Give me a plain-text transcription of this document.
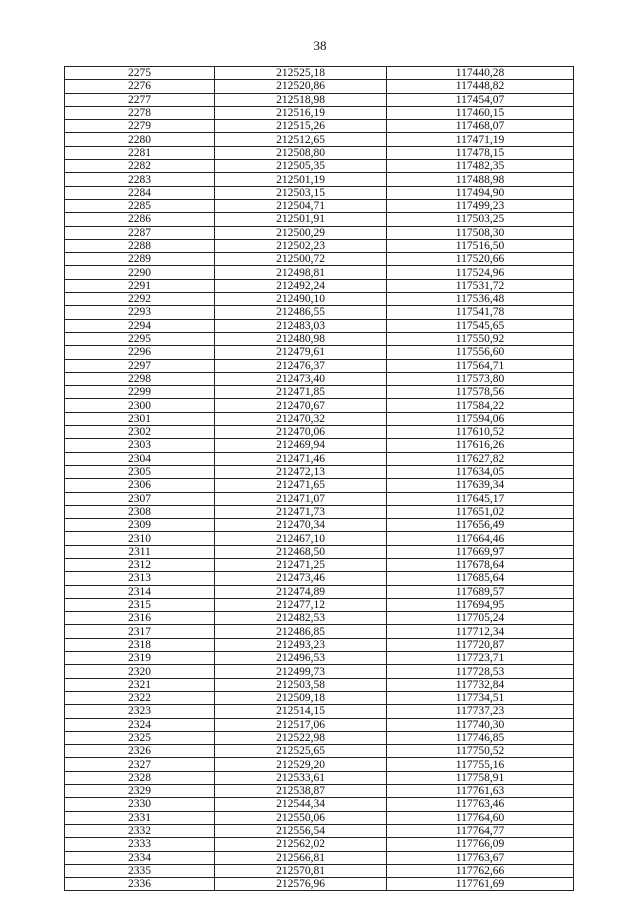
38
2275	212525,18	117440,28
2276	212520,86	117448,82
2277	212518,98	117454,07
2278	212516,19	117460,15
2279	212515,26	117468,07
2280	212512,65	117471,19
2281	212508,80	117478,15
2282	212505,35	117482,35
2283	212501,19	117488,98
2284	212503,15	117494,90
2285	212504,71	117499,23
2286	212501,91	117503,25
2287	212500,29	117508,30
2288	212502,23	117516,50
2289	212500,72	117520,66
2290	212498,81	117524,96
2291	212492,24	117531,72
2292	212490,10	117536,48
2293	212486,55	117541,78
2294	212483,03	117545,65
2295	212480,98	117550,92
2296	212479,61	117556,60
2297	212476,37	117564,71
2298	212473,40	117573,80
2299	212471,85	117578,56
2300	212470,67	117584,22
2301	212470,32	117594,06
2302	212470,06	117610,52
2303	212469,94	117616,26
2304	212471,46	117627,82
2305	212472,13	117634,05
2306	212471,65	117639,34
2307	212471,07	117645,17
2308	212471,73	117651,02
2309	212470,34	117656,49
2310	212467,10	117664,46
2311	212468,50	117669,97
2312	212471,25	117678,64
2313	212473,46	117685,64
2314	212474,89	117689,57
2315	212477,12	117694,95
2316	212482,53	117705,24
2317	212486,85	117712,34
2318	212493,23	117720,87
2319	212496,53	117723,71
2320	212499,73	117728,53
2321	212503,58	117732,84
2322	212509,18	117734,51
2323	212514,15	117737,23
2324	212517,06	117740,30
2325	212522,98	117746,85
2326	212525,65	117750,52
2327	212529,20	117755,16
2328	212533,61	117758,91
2329	212538,87	117761,63
2330	212544,34	117763,46
2331	212550,06	117764,60
2332	212556,54	117764,77
2333	212562,02	117766,09
2334	212566,81	117763,67
2335	212570,81	117762,66
2336	212576,96	117761,69
